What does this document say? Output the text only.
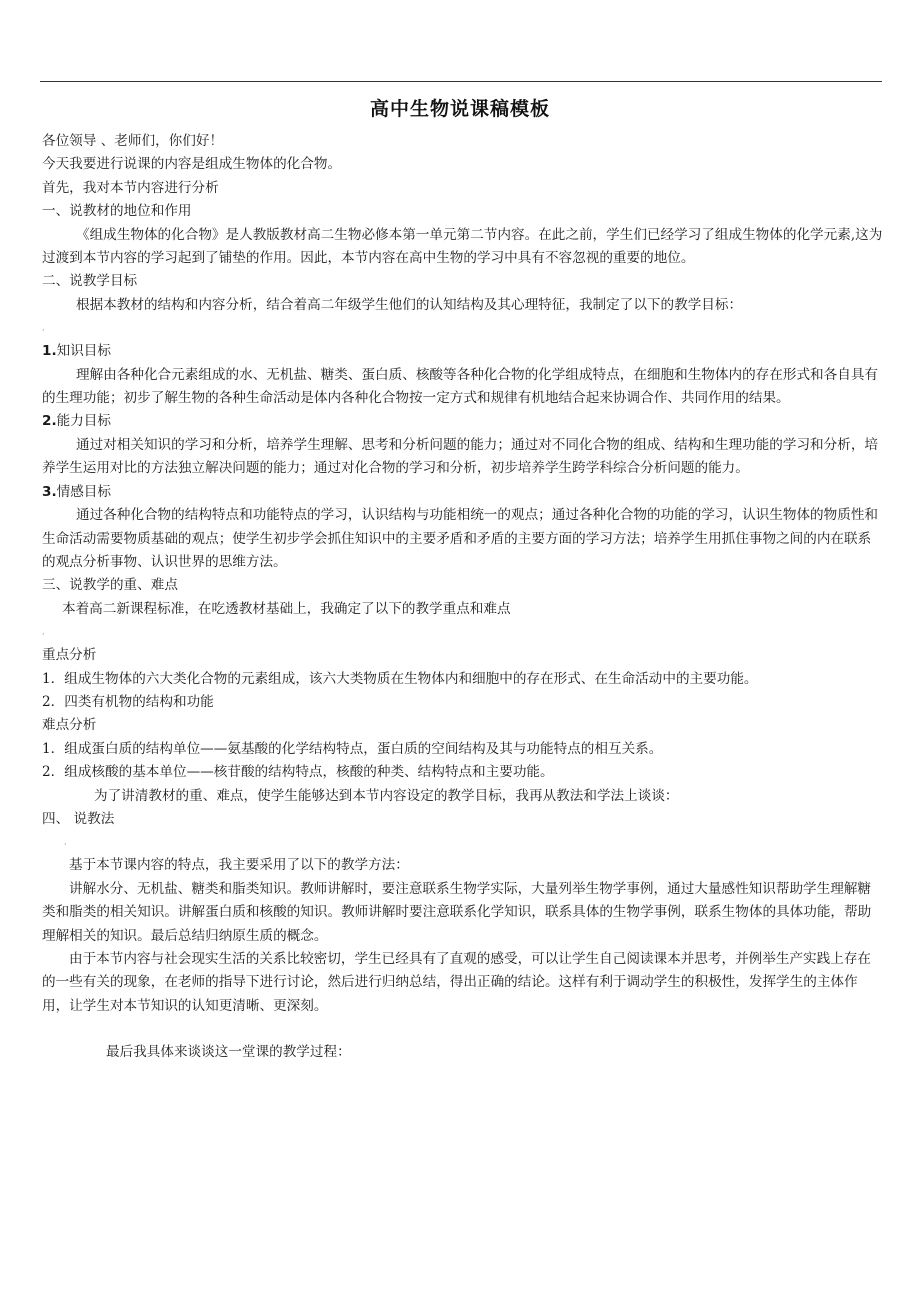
高中生物说课稿模板

各位领导 、老师们，你们好！

今天我要进行说课的内容是组成生物体的化合物。

首先，我对本节内容进行分析

一、说教材的地位和作用

《组成生物体的化合物》是人教版教材高二生物必修本第一单元第二节内容。在此之前，学生们已经学习了组成生物体的化学元素,这为过渡到本节内容的学习起到了铺垫的作用。因此，本节内容在高中生物的学习中具有不容忽视的重要的地位。

二、说教学目标

根据本教材的结构和内容分析，结合着高二年级学生他们的认知结构及其心理特征，我制定了以下的教学目标：

·

1.知识目标

理解由各种化合元素组成的水、无机盐、糖类、蛋白质、核酸等各种化合物的化学组成特点，在细胞和生物体内的存在形式和各自具有的生理功能；初步了解生物的各种生命活动是体内各种化合物按一定方式和规律有机地结合起来协调合作、共同作用的结果。

2.能力目标

通过对相关知识的学习和分析，培养学生理解、思考和分析问题的能力；通过对不同化合物的组成、结构和生理功能的学习和分析，培养学生运用对比的方法独立解决问题的能力；通过对化合物的学习和分析，初步培养学生跨学科综合分析问题的能力。

3.情感目标

通过各种化合物的结构特点和功能特点的学习，认识结构与功能相统一的观点；通过各种化合物的功能的学习，认识生物体的物质性和生命活动需要物质基础的观点；使学生初步学会抓住知识中的主要矛盾和矛盾的主要方面的学习方法；培养学生用抓住事物之间的内在联系的观点分析事物、认识世界的思维方法。

三、说教学的重、难点

本着高二新课程标准，在吃透教材基础上，我确定了以下的教学重点和难点

·

重点分析

1．组成生物体的六大类化合物的元素组成，该六大类物质在生物体内和细胞中的存在形式、在生命活动中的主要功能。

2．四类有机物的结构和功能

难点分析

1．组成蛋白质的结构单位——氨基酸的化学结构特点，蛋白质的空间结构及其与功能特点的相互关系。

2．组成核酸的基本单位——核苷酸的结构特点，核酸的种类、结构特点和主要功能。

为了讲清教材的重、难点，使学生能够达到本节内容设定的教学目标，我再从教法和学法上谈谈：

四、 说教法

·

基于本节课内容的特点，我主要采用了以下的教学方法：

讲解水分、无机盐、糖类和脂类知识。教师讲解时，要注意联系生物学实际，大量列举生物学事例，通过大量感性知识帮助学生理解糖类和脂类的相关知识。讲解蛋白质和核酸的知识。教师讲解时要注意联系化学知识，联系具体的生物学事例，联系生物体的具体功能，帮助理解相关的知识。最后总结归纳原生质的概念。

由于本节内容与社会现实生活的关系比较密切，学生已经具有了直观的感受，可以让学生自己阅读课本并思考，并例举生产实践上存在的一些有关的现象，在老师的指导下进行讨论，然后进行归纳总结，得出正确的结论。这样有利于调动学生的积极性，发挥学生的主体作用，让学生对本节知识的认知更清晰、更深刻。

最后我具体来谈谈这一堂课的教学过程：
